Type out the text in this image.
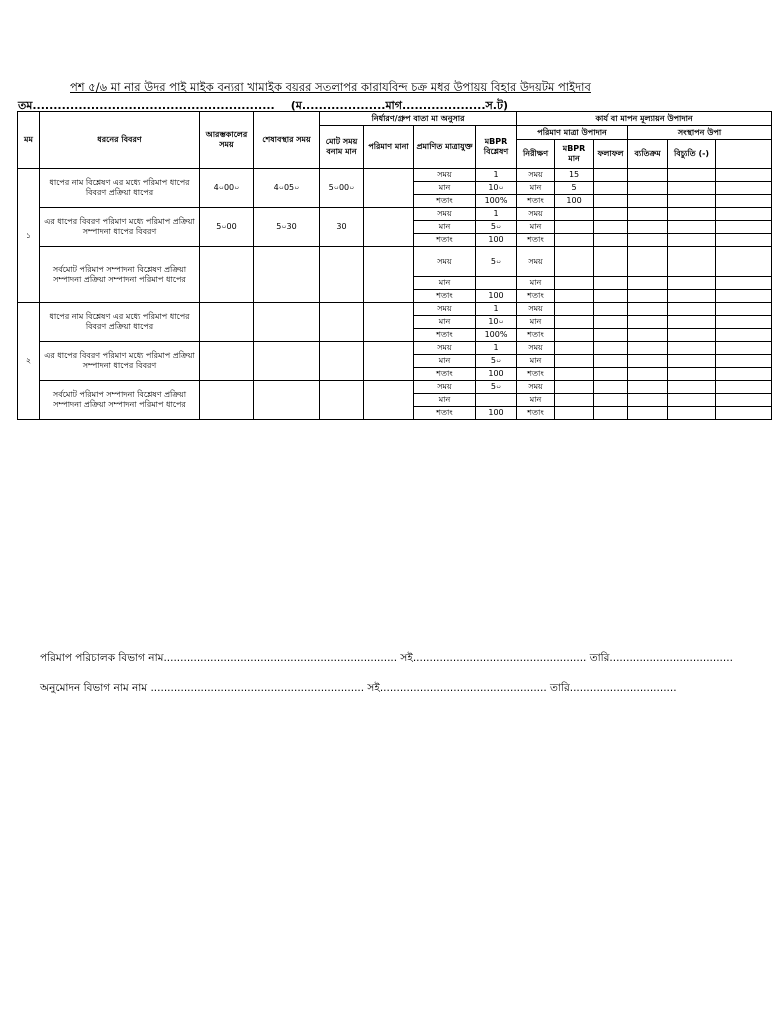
পশ ৫/৬ মা নার উদর পাই মাইক বন্যরা খামাইক বয়রর সতলাপর কারাযবিন্দ চক্র মধর উপায়য় বিহার উদয়টম পাইদাব
তম.......................................................... (ম....................মাগ....................স.ট)
মম	ধরনের বিবরণ	আরম্ভকালের সময়	শেষাবস্থার সময়	নির্ধারণ/গ্রুপ বাতা মা অনুসার				কার্য বা মাপন মূল্যায়ন উপাদান					
				মোট সময় বনাম মান	পরিমাণ মানা	প্রমাণিত মাত্রাযুক্ত	মBPR বিশ্লেষণ	পরিমাণ মাত্রা উপাদান			সংস্থাপন উপা		
								নিরীক্ষণ	মBPR মান	ফলাফল	ব্যতিক্রম	বিচ্যুতি (-)	
১	ধাপের নাম বিশ্লেষণ এর মধ্যে পরিমাপ ধাপের বিবরণ প্রক্রিয়া ধাপের	4০00০	4০05০	5০00০		সময়	1	সময়	15				
						মান	10০	মান	5				
						শতাং	100%	শতাং	100				
	এর ধাপের বিবরণ পরিমাণ মধ্যে পরিমাপ প্রক্রিয়া সম্পাদনা ধাপের বিবরণ	5০00	5০30	30		সময়	1	সময়					
						মান	5০	মান					
						শতাং	100	শতাং					
	সর্বমোট পরিমাপ সম্পাদনা বিশ্লেষণ প্রক্রিয়া সম্পাদনা প্রক্রিয়া সম্পাদনা পরিমাপ ধাপের					সময়	5০	সময়					
						মান		মান					
						শতাং	100	শতাং					
২	ধাপের নাম বিশ্লেষণ এর মধ্যে পরিমাপ ধাপের বিবরণ প্রক্রিয়া ধাপের					সময়	1	সময়					
						মান	10০	মান					
						শতাং	100%	শতাং					
	এর ধাপের বিবরণ পরিমাণ মধ্যে পরিমাপ প্রক্রিয়া সম্পাদনা ধাপের বিবরণ					সময়	1	সময়					
						মান	5০	মান					
						শতাং	100	শতাং					
	সর্বমোট পরিমাপ সম্পাদনা বিশ্লেষণ প্রক্রিয়া সম্পাদনা প্রক্রিয়া সম্পাদনা পরিমাপ ধাপের					সময়	5০	সময়					
						মান		মান					
						শতাং	100	শতাং					
পরিমাপ পরিচালক বিভাগ নাম...................................................................... সই.................................................... তারি.....................................
অনুমোদন বিভাগ নাম নাম ................................................................ সই.................................................. তারি................................
